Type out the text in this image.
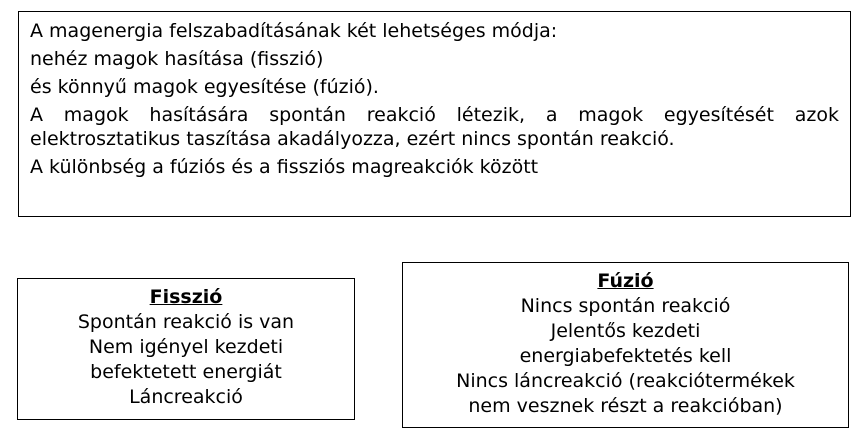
A magenergia felszabadításának két lehetséges módja:
nehéz magok hasítása (fisszió)
és könnyű magok egyesítése (fúzió).
A magok hasítására spontán reakció létezik, a magok egyesítését azok elektrosztatikus taszítása akadályozza, ezért nincs spontán reakció.
A különbség a fúziós és a fissziós magreakciók között
Fisszió
Spontán reakció is van
Nem igényel kezdeti
befektetett energiát
Láncreakció
Fúzió
Nincs spontán reakció
Jelentős kezdeti
energiabefektetés kell
Nincs láncreakció (reakciótermékek
nem vesznek részt a reakcióban)
